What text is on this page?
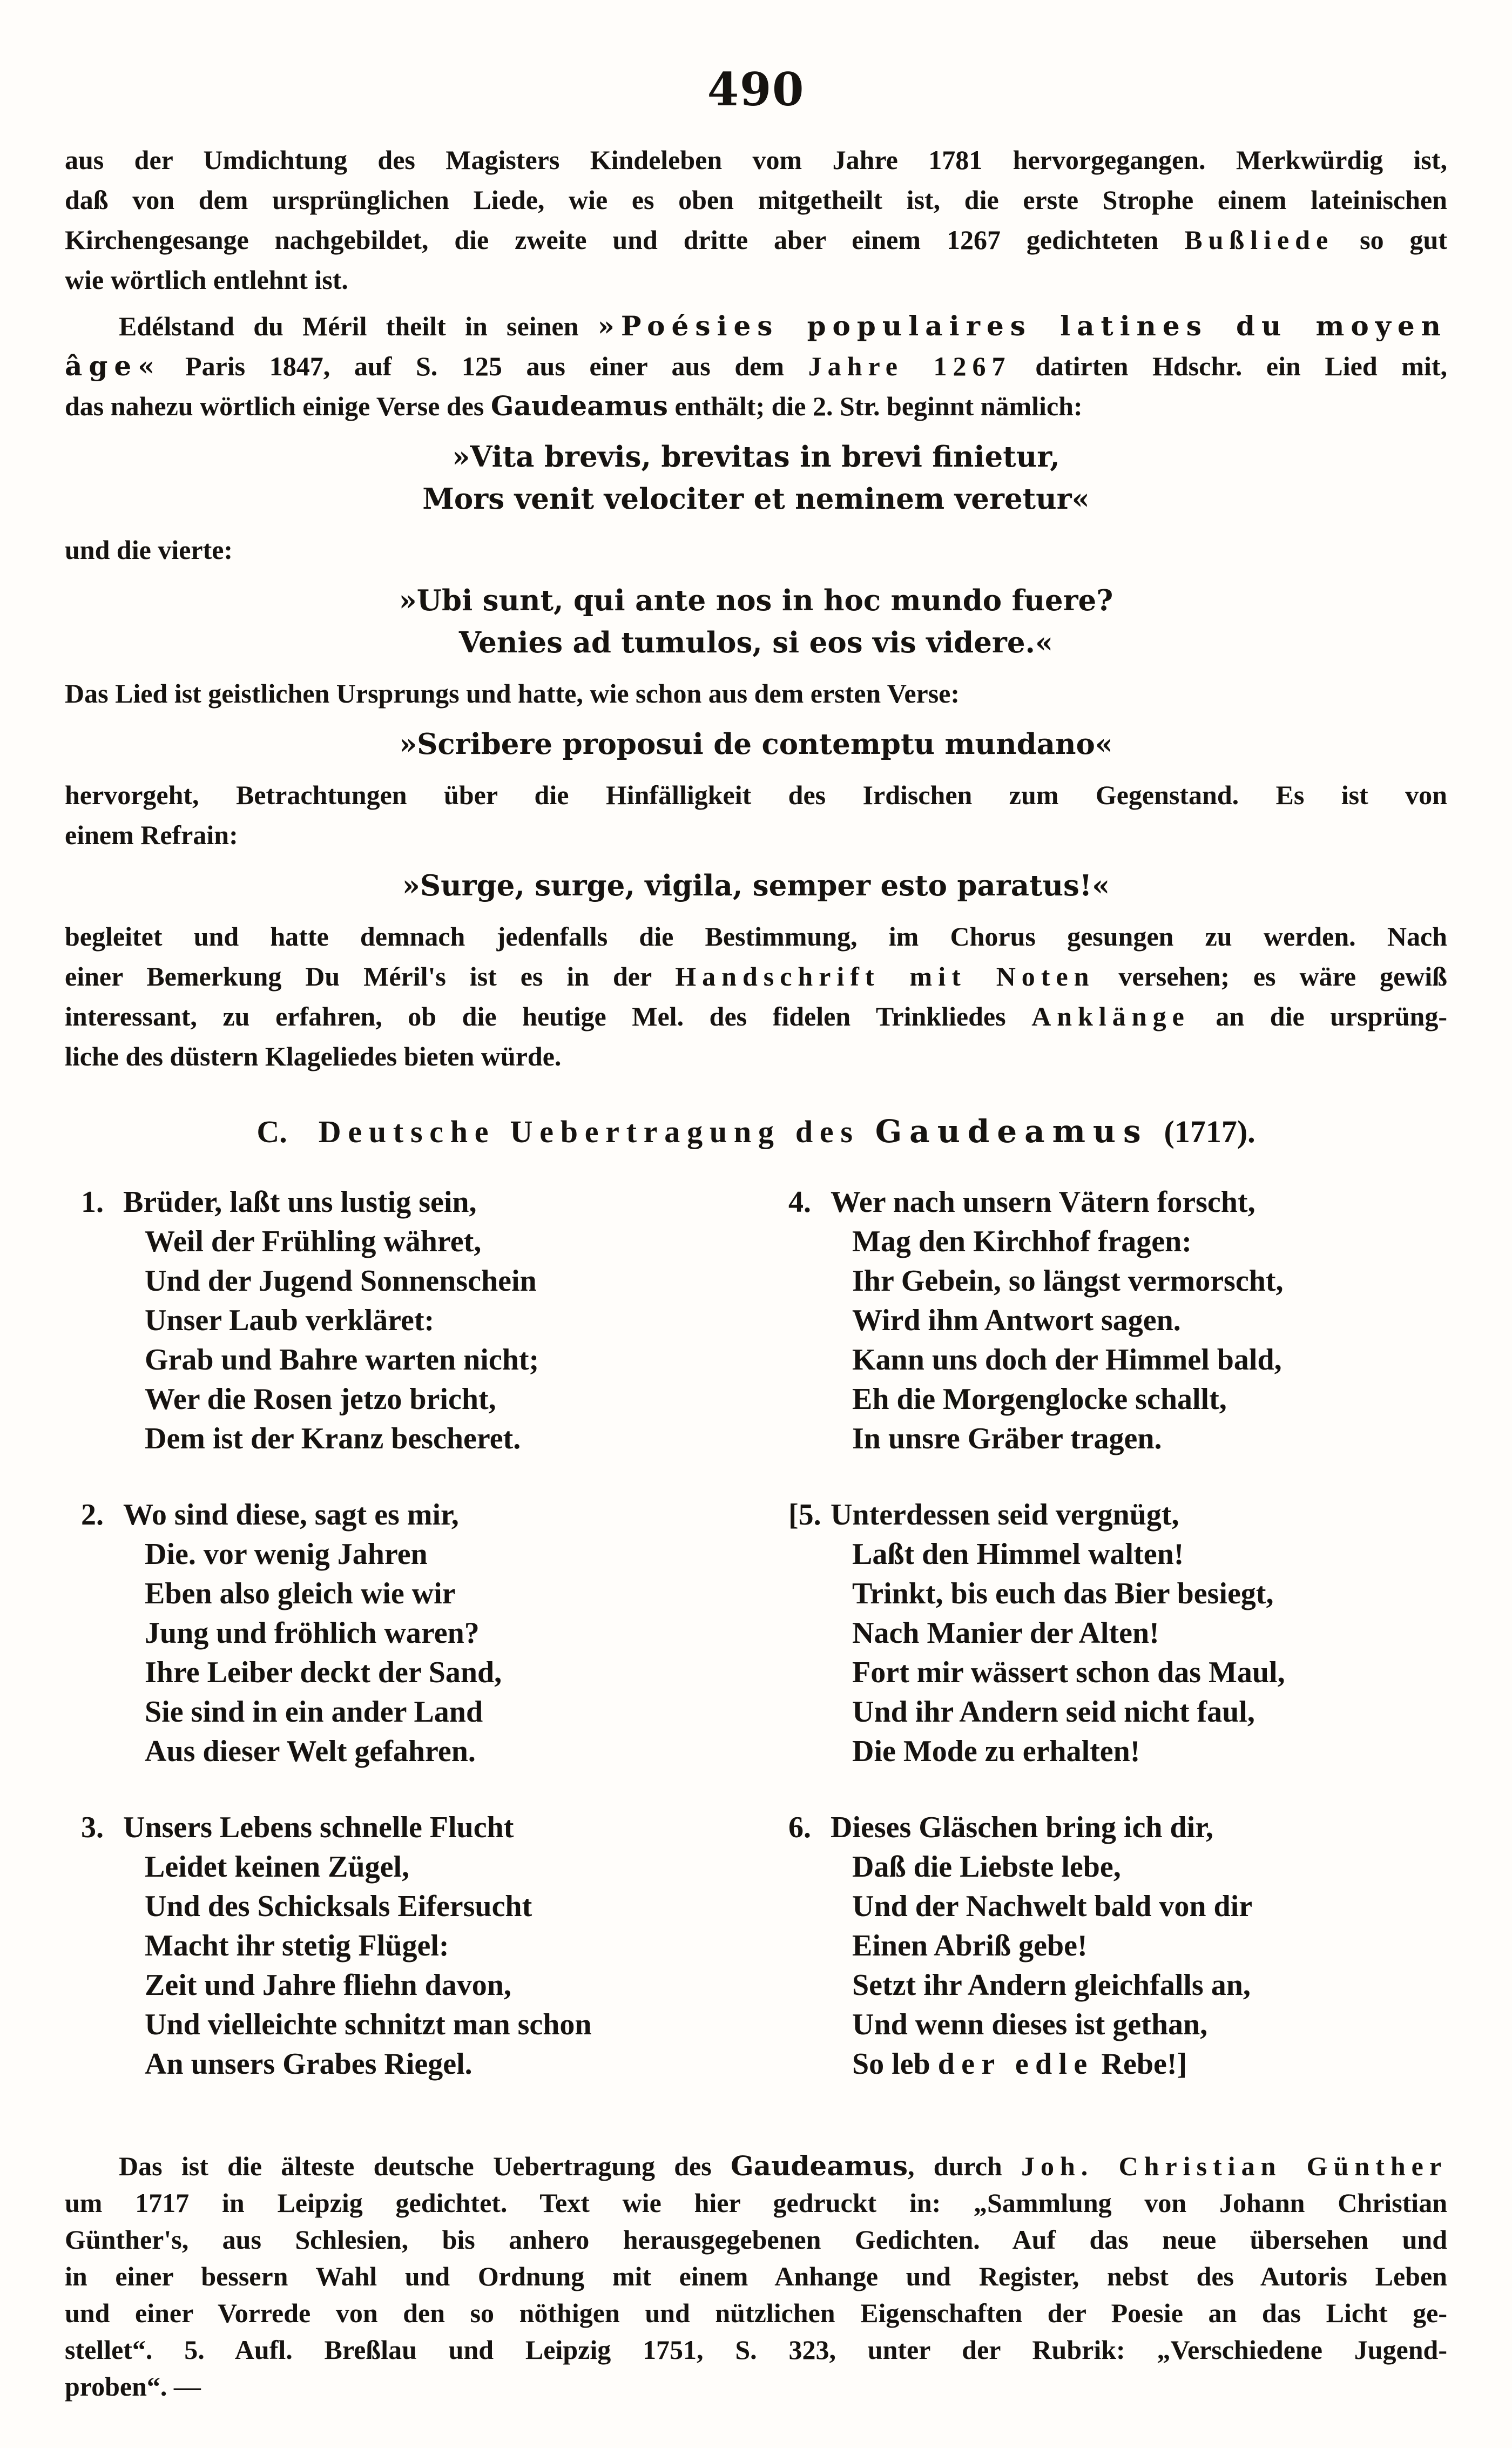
490
aus der Umdichtung des Magisters Kindeleben vom Jahre 1781 hervorgegangen. Merkwürdig ist,
daß von dem ursprünglichen Liede, wie es oben mitgetheilt ist, die erste Strophe einem lateinischen
Kirchengesange nachgebildet, die zweite und dritte aber einem 1267 gedichteten Bußliede so gut
wie wörtlich entlehnt ist.
  Edélstand du Méril theilt in seinen »Poésies populaires latines du moyen
âge« Paris 1847, auf S. 125 aus einer aus dem Jahre 1267 datirten Hdschr. ein Lied mit,
das nahezu wörtlich einige Verse des Gaudeamus enthält; die 2. Str. beginnt nämlich:
»Vita brevis, brevitas in brevi finietur,
Mors venit velociter et neminem veretur«
und die vierte:
»Ubi sunt, qui ante nos in hoc mundo fuere?
Venies ad tumulos, si eos vis videre.«
Das Lied ist geistlichen Ursprungs und hatte, wie schon aus dem ersten Verse:
»Scribere proposui de contemptu mundano«
hervorgeht, Betrachtungen über die Hinfälligkeit des Irdischen zum Gegenstand. Es ist von
einem Refrain:
»Surge, surge, vigila, semper esto paratus!«
begleitet und hatte demnach jedenfalls die Bestimmung, im Chorus gesungen zu werden. Nach
einer Bemerkung Du Méril's ist es in der Handschrift mit Noten versehen; es wäre gewiß
interessant, zu erfahren, ob die heutige Mel. des fidelen Trinkliedes Anklänge an die ursprüng-
liche des düstern Klageliedes bieten würde.
C.  Deutsche Uebertragung des  Gaudeamus (1717).
1. Brüder, laßt uns lustig sein,
Weil der Frühling währet,
Und der Jugend Sonnenschein
Unser Laub verkläret:
Grab und Bahre warten nicht;
Wer die Rosen jetzo bricht,
Dem ist der Kranz bescheret.
2. Wo sind diese, sagt es mir,
Die. vor wenig Jahren
Eben also gleich wie wir
Jung und fröhlich waren?
Ihre Leiber deckt der Sand,
Sie sind in ein ander Land
Aus dieser Welt gefahren.
3. Unsers Lebens schnelle Flucht
Leidet keinen Zügel,
Und des Schicksals Eifersucht
Macht ihr stetig Flügel:
Zeit und Jahre fliehn davon,
Und vielleichte schnitzt man schon
An unsers Grabes Riegel.
4. Wer nach unsern Vätern forscht,
Mag den Kirchhof fragen:
Ihr Gebein, so längst vermorscht,
Wird ihm Antwort sagen.
Kann uns doch der Himmel bald,
Eh die Morgenglocke schallt,
In unsre Gräber tragen.
[5. Unterdessen seid vergnügt,
Laßt den Himmel walten!
Trinkt, bis euch das Bier besiegt,
Nach Manier der Alten!
Fort mir wässert schon das Maul,
Und ihr Andern seid nicht faul,
Die Mode zu erhalten!
6. Dieses Gläschen bring ich dir,
Daß die Liebste lebe,
Und der Nachwelt bald von dir
Einen Abriß gebe!
Setzt ihr Andern gleichfalls an,
Und wenn dieses ist gethan,
So leb der edle Rebe!]
  Das ist die älteste deutsche Uebertragung des Gaudeamus, durch Joh. Christian Günther
um 1717 in Leipzig gedichtet. Text wie hier gedruckt in: „Sammlung von Johann Christian
Günther's, aus Schlesien, bis anhero herausgegebenen Gedichten. Auf das neue übersehen und
in einer bessern Wahl und Ordnung mit einem Anhange und Register, nebst des Autoris Leben
und einer Vorrede von den so nöthigen und nützlichen Eigenschaften der Poesie an das Licht ge-
stellet“. 5. Aufl. Breßlau und Leipzig 1751, S. 323, unter der Rubrik: „Verschiedene Jugend-
proben“. —
